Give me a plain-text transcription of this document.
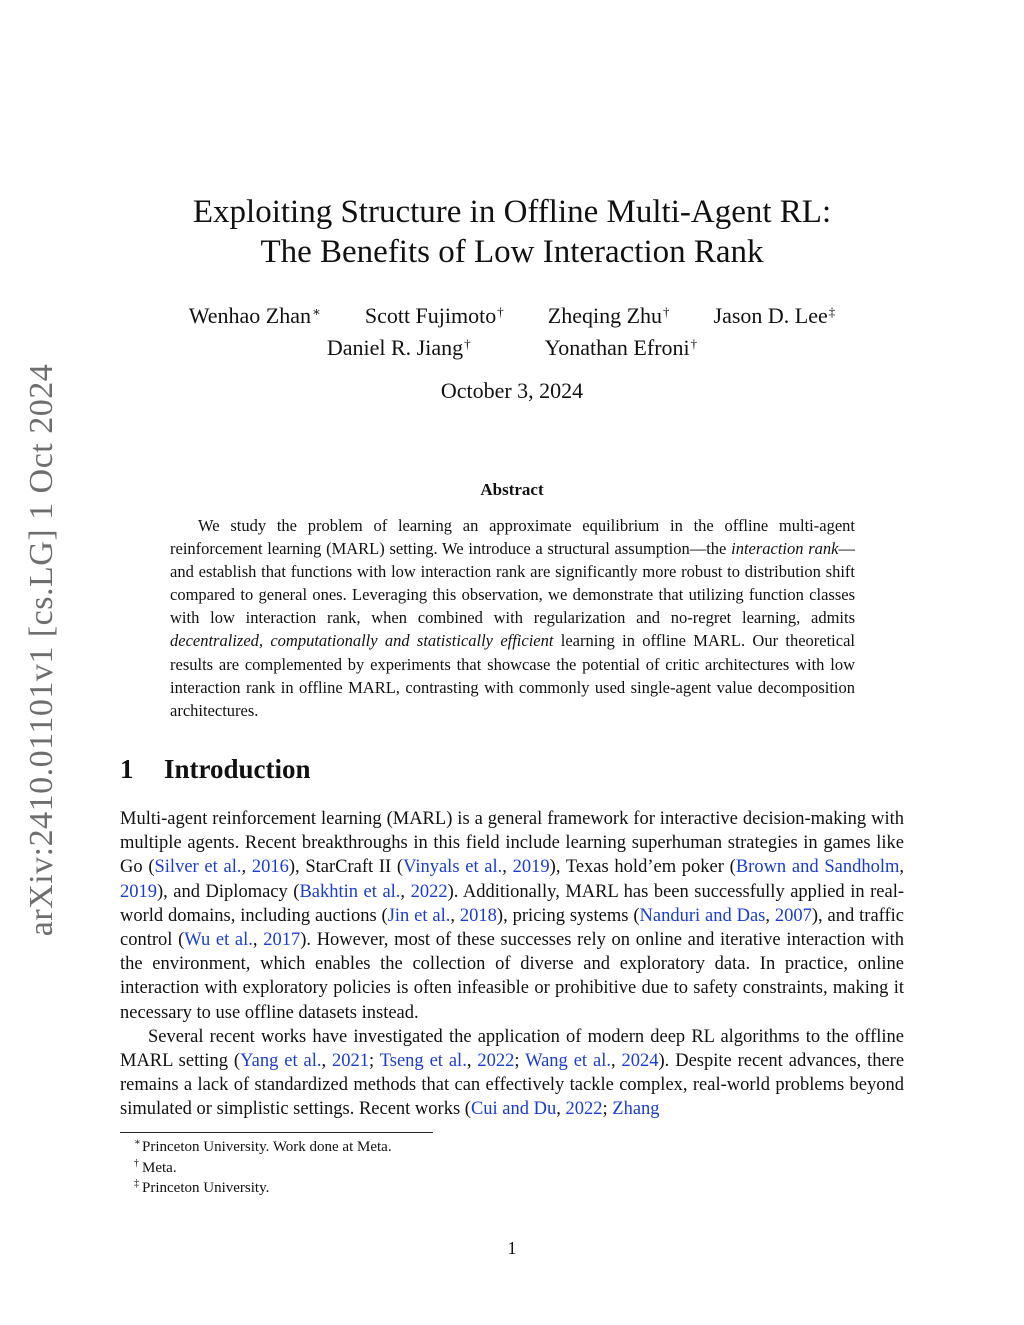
arXiv:2410.01101v1 [cs.LG] 1 Oct 2024
Exploiting Structure in Offline Multi-Agent RL:
The Benefits of Low Interaction Rank
Wenhao Zhan∗ Scott Fujimoto† Zheqing Zhu† Jason D. Lee‡
Daniel R. Jiang†	Yonathan Efroni†
October 3, 2024
Abstract
We study the problem of learning an approximate equilibrium in the offline multi-agent reinforcement learning (MARL) setting. We introduce a structural assumption—the interaction rank—and establish that functions with low interaction rank are significantly more robust to distribution shift compared to general ones. Leveraging this observation, we demonstrate that utilizing function classes with low interaction rank, when combined with regularization and no-regret learning, admits decentralized, computationally and statistically efficient learning in offline MARL. Our theoretical results are complemented by experiments that showcase the potential of critic architectures with low interaction rank in offline MARL, contrasting with commonly used single-agent value decomposition architectures.
1 Introduction

Multi-agent reinforcement learning (MARL) is a general framework for interactive decision-making with multiple agents. Recent breakthroughs in this field include learning superhuman strategies in games like Go (Silver et al., 2016), StarCraft II (Vinyals et al., 2019), Texas hold’em poker (Brown and Sandholm, 2019), and Diplomacy (Bakhtin et al., 2022). Additionally, MARL has been successfully applied in real-world domains, including auctions (Jin et al., 2018), pricing systems (Nanduri and Das, 2007), and traffic control (Wu et al., 2017). However, most of these successes rely on online and iterative interaction with the environment, which enables the collection of diverse and exploratory data. In practice, online interaction with exploratory policies is often infeasible or prohibitive due to safety constraints, making it necessary to use offline datasets instead.

Several recent works have investigated the application of modern deep RL algorithms to the offline MARL setting (Yang et al., 2021; Tseng et al., 2022; Wang et al., 2024). Despite recent advances, there remains a lack of standardized methods that can effectively tackle complex, real-world problems beyond simulated or simplistic settings. Recent works (Cui and Du, 2022; Zhang

∗ Princeton University. Work done at Meta.
† Meta.
‡ Princeton University.
1
